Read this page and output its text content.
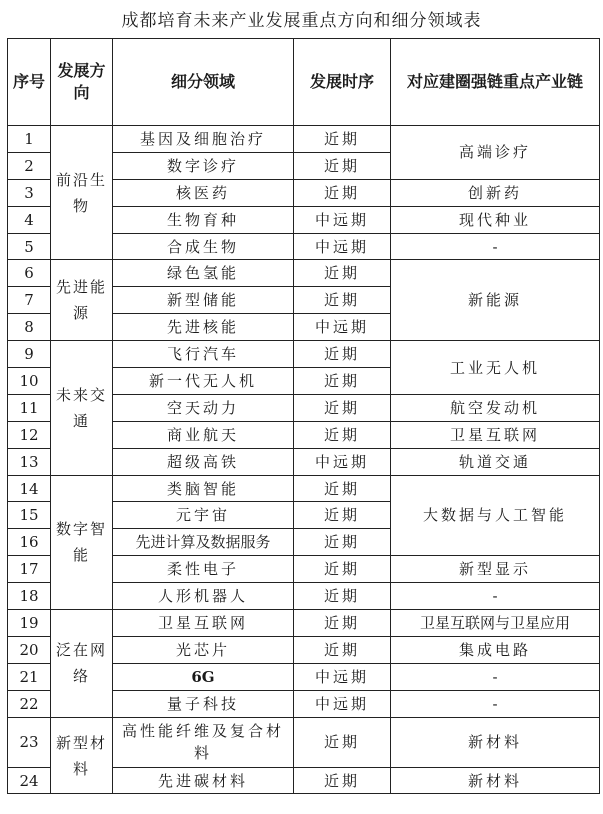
成都培育未来产业发展重点方向和细分领域表
序号	发展方向	细分领域	发展时序	对应建圈强链重点产业链
1	前沿生物	基因及细胞治疗	近期	高端诊疗
2		数字诊疗	近期	
3		核医药	近期	创新药
4		生物育种	中远期	现代种业
5		合成生物	中远期	-
6	先进能源	绿色氢能	近期	新能源
7		新型储能	近期	
8		先进核能	中远期	
9	未来交通	飞行汽车	近期	工业无人机
10		新一代无人机	近期	
11		空天动力	近期	航空发动机
12		商业航天	近期	卫星互联网
13		超级高铁	中远期	轨道交通
14	数字智能	类脑智能	近期	大数据与人工智能
15		元宇宙	近期	
16		先进计算及数据服务	近期	
17		柔性电子	近期	新型显示
18		人形机器人	近期	-
19	泛在网络	卫星互联网	近期	卫星互联网与卫星应用
20		光芯片	近期	集成电路
21		6G	中远期	-
22		量子科技	中远期	-
23	新型材料	高性能纤维及复合材料	近期	新材料
24		先进碳材料	近期	新材料
